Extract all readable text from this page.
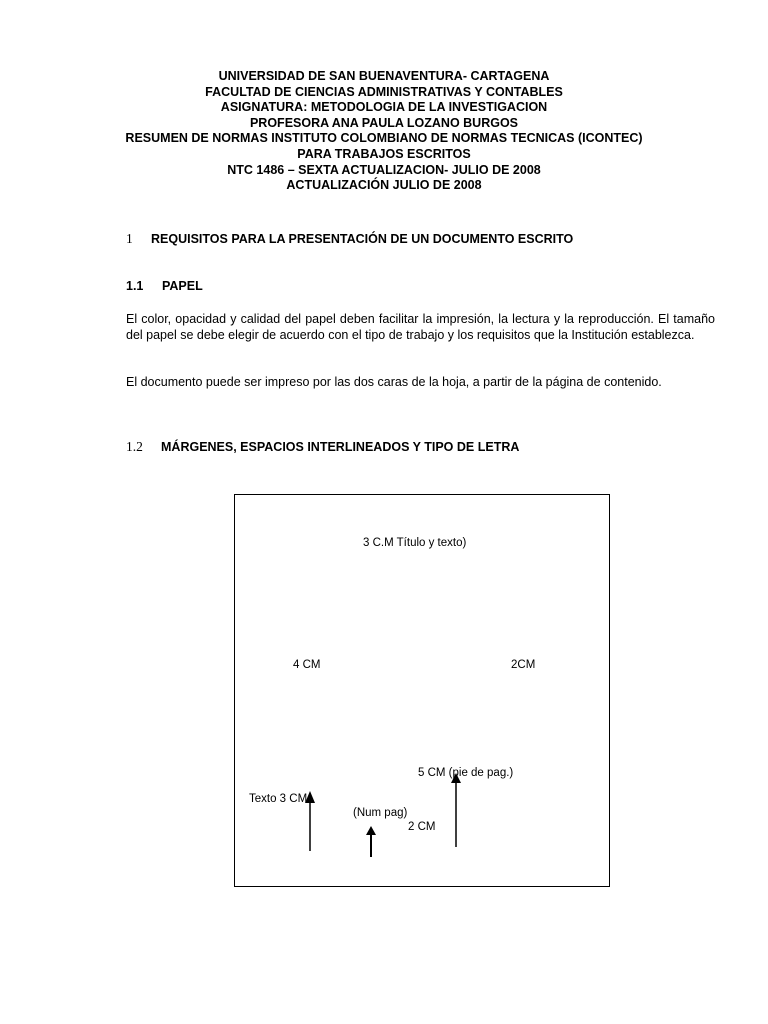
UNIVERSIDAD DE SAN BUENAVENTURA- CARTAGENA
FACULTAD DE CIENCIAS ADMINISTRATIVAS Y CONTABLES
ASIGNATURA: METODOLOGIA DE LA INVESTIGACION
PROFESORA ANA PAULA LOZANO BURGOS
RESUMEN DE NORMAS INSTITUTO COLOMBIANO DE NORMAS TECNICAS (ICONTEC)
PARA TRABAJOS ESCRITOS
NTC 1486 – SEXTA ACTUALIZACION- JULIO DE 2008
ACTUALIZACIÓN JULIO DE 2008
1 REQUISITOS PARA LA PRESENTACIÓN DE UN DOCUMENTO ESCRITO
1.1 PAPEL
El color, opacidad y calidad del papel deben facilitar la impresión, la lectura y la reproducción. El tamaño del papel se debe elegir de acuerdo con el tipo de trabajo y los requisitos que la Institución establezca.
El documento puede ser impreso por las dos caras de la hoja, a partir de la página de contenido.
1.2 MÁRGENES, ESPACIOS INTERLINEADOS Y TIPO DE LETRA
3 C.M Título y texto)
4 CM	2CM
5 CM (pie de pag.)
Texto 3 CM
(Num pag)
2 CM
